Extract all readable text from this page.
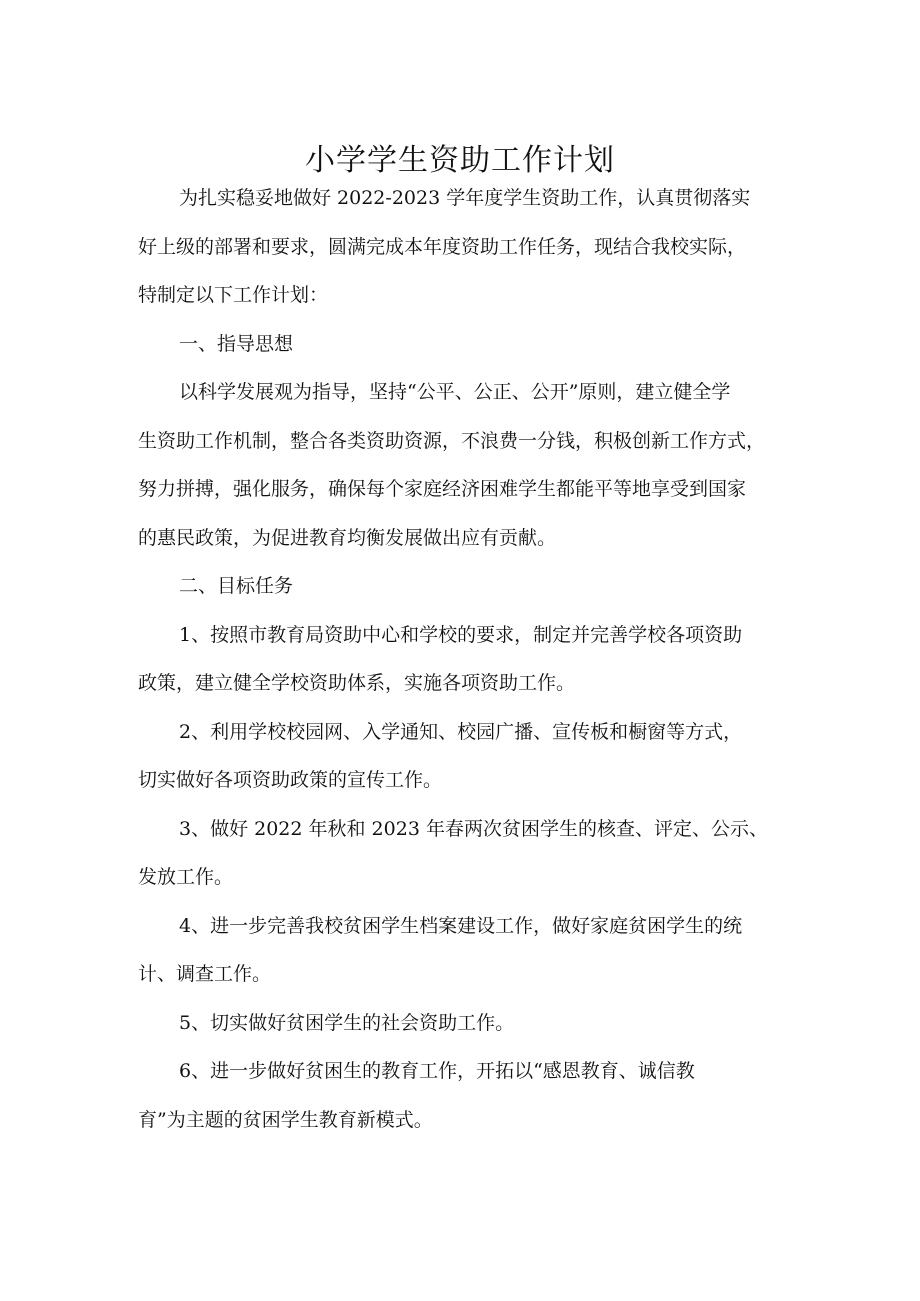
小学学生资助工作计划

为扎实稳妥地做好 2022-2023 学年度学生资助工作，认真贯彻落实
好上级的部署和要求，圆满完成本年度资助工作任务，现结合我校实际，
特制定以下工作计划：

一、指导思想

以科学发展观为指导，坚持“公平、公正、公开”原则，建立健全学
生资助工作机制，整合各类资助资源，不浪费一分钱，积极创新工作方式，
努力拼搏，强化服务，确保每个家庭经济困难学生都能平等地享受到国家
的惠民政策，为促进教育均衡发展做出应有贡献。

二、目标任务

1、按照市教育局资助中心和学校的要求，制定并完善学校各项资助
政策，建立健全学校资助体系，实施各项资助工作。

2、利用学校校园网、入学通知、校园广播、宣传板和橱窗等方式，
切实做好各项资助政策的宣传工作。

3、做好 2022 年秋和 2023 年春两次贫困学生的核查、评定、公示、
发放工作。

4、进一步完善我校贫困学生档案建设工作，做好家庭贫困学生的统
计、调查工作。

5、切实做好贫困学生的社会资助工作。

6、进一步做好贫困生的教育工作，开拓以“感恩教育、诚信教
育”为主题的贫困学生教育新模式。
